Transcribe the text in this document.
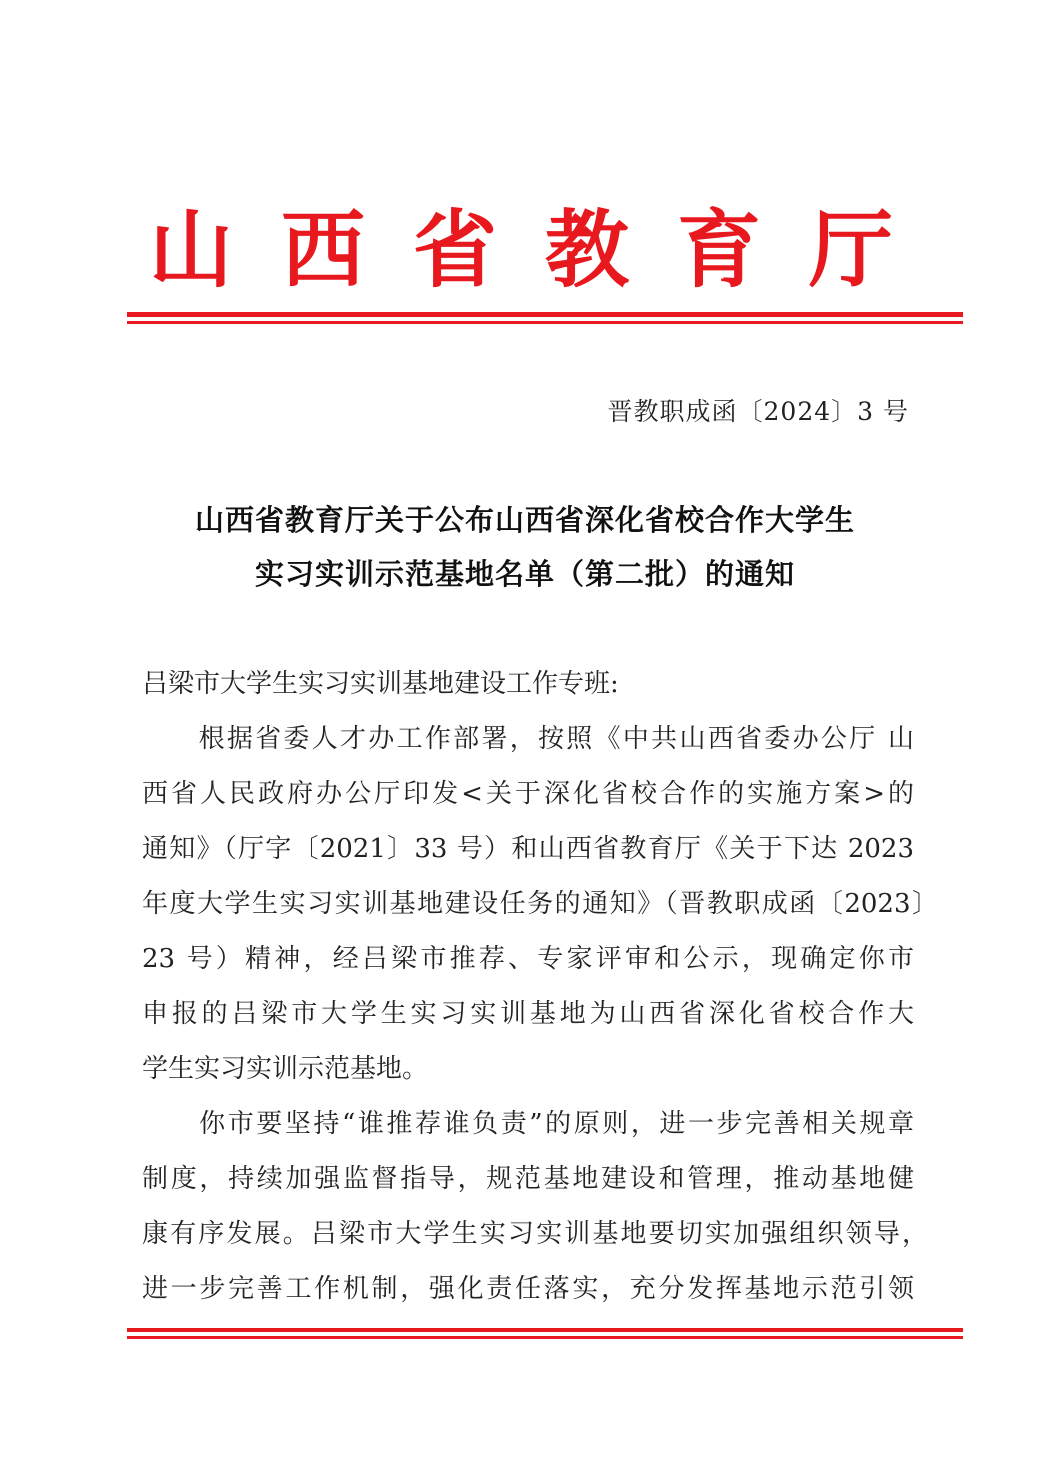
山西省教育厅
晋教职成函〔2024〕3 号
山西省教育厅关于公布山西省深化省校合作大学生
实习实训示范基地名单（第二批）的通知
吕梁市大学生实习实训基地建设工作专班:
　　根据省委人才办工作部署，按照《中共山西省委办公厅 山
西省人民政府办公厅印发<关于深化省校合作的实施方案>的
通知》（厅字〔2021〕33 号）和山西省教育厅《关于下达 2023
年度大学生实习实训基地建设任务的通知》（晋教职成函〔2023〕
23 号）精神，经吕梁市推荐、专家评审和公示，现确定你市
申报的吕梁市大学生实习实训基地为山西省深化省校合作大
学生实习实训示范基地。
　　你市要坚持“谁推荐谁负责”的原则，进一步完善相关规章
制度，持续加强监督指导，规范基地建设和管理，推动基地健
康有序发展。吕梁市大学生实习实训基地要切实加强组织领导，
进一步完善工作机制，强化责任落实，充分发挥基地示范引领
